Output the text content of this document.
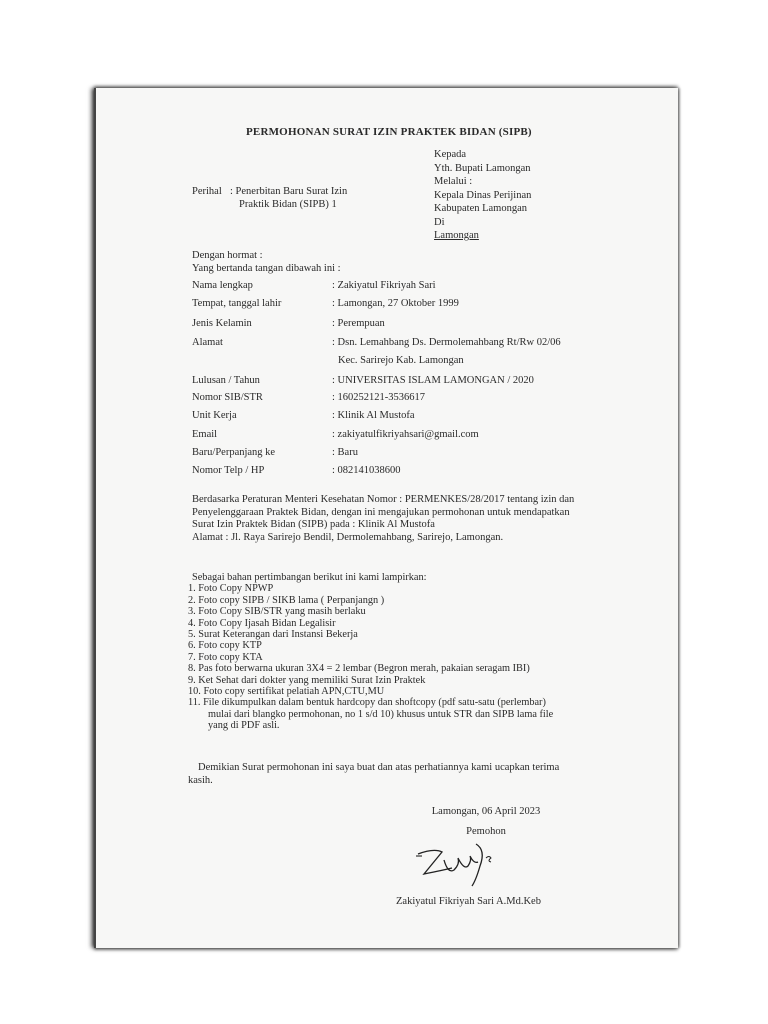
PERMOHONAN SURAT IZIN PRAKTEK BIDAN (SIPB)
Kepada
Yth. Bupati Lamongan
Melalui :
Kepala Dinas Perijinan
Kabupaten Lamongan
Di
Lamongan
Perihal : Penerbitan Baru Surat Izin
Praktik Bidan (SIPB) 1
Dengan hormat :
Yang bertanda tangan dibawah ini :
Nama lengkap	: Zakiyatul Fikriyah Sari
Tempat, tanggal lahir	: Lamongan, 27 Oktober 1999
Jenis Kelamin	: Perempuan
Alamat	: Dsn. Lemahbang Ds. Dermolemahbang Rt/Rw 02/06
Kec. Sarirejo Kab. Lamongan
Lulusan / Tahun	: UNIVERSITAS ISLAM LAMONGAN / 2020
Nomor SIB/STR	: 160252121-3536617
Unit Kerja	: Klinik Al Mustofa
Email	: zakiyatulfikriyahsari@gmail.com
Baru/Perpanjang ke	: Baru
Nomor Telp / HP	: 082141038600
Berdasarka Peraturan Menteri Kesehatan Nomor : PERMENKES/28/2017 tentang izin dan
Penyelenggaraan Praktek Bidan, dengan ini mengajukan permohonan untuk mendapatkan
Surat Izin Praktek Bidan (SIPB) pada : Klinik Al Mustofa
Alamat : Jl. Raya Sarirejo Bendil, Dermolemahbang, Sarirejo, Lamongan.
Sebagai bahan pertimbangan berikut ini kami lampirkan:
1. Foto Copy NPWP
2. Foto copy SIPB / SIKB lama ( Perpanjangn )
3. Foto Copy SIB/STR yang masih berlaku
4. Foto Copy Ijasah Bidan Legalisir
5. Surat Keterangan dari Instansi Bekerja
6. Foto copy KTP
7. Foto copy KTA
8. Pas foto berwarna ukuran 3X4 = 2 lembar (Begron merah, pakaian seragam IBI)
9. Ket Sehat dari dokter yang memiliki Surat Izin Praktek
10. Foto copy sertifikat pelatiah APN,CTU,MU
11. File dikumpulkan dalam bentuk hardcopy dan shoftcopy (pdf satu-satu (perlembar)
mulai dari blangko permohonan, no 1 s/d 10) khusus untuk STR dan SIPB lama file
yang di PDF asli.
Demikian Surat permohonan ini saya buat dan atas perhatiannya kami ucapkan terima
kasih.
Lamongan, 06 April 2023
Pemohon
Zakiyatul Fikriyah Sari A.Md.Keb
